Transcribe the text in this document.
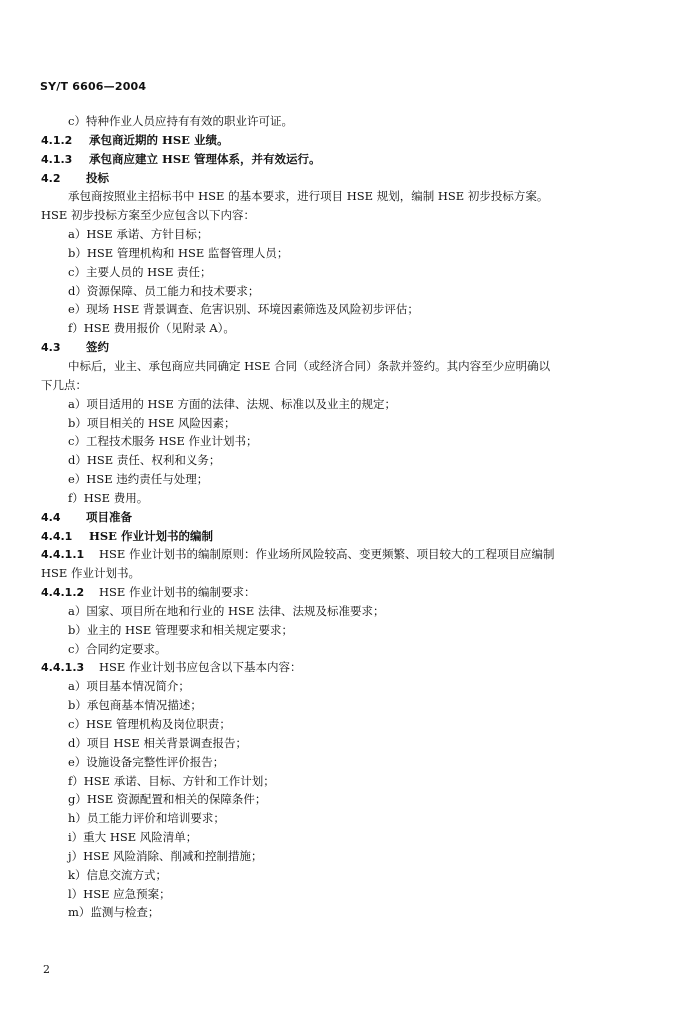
SY/T 6606—2004
c）特种作业人员应持有有效的职业许可证。
4.1.2 承包商近期的 HSE 业绩。
4.1.3 承包商应建立 HSE 管理体系，并有效运行。
4.2 投标
承包商按照业主招标书中 HSE 的基本要求，进行项目 HSE 规划，编制 HSE 初步投标方案。
HSE 初步投标方案至少应包含以下内容：
a）HSE 承诺、方针目标；
b）HSE 管理机构和 HSE 监督管理人员；
c）主要人员的 HSE 责任；
d）资源保障、员工能力和技术要求；
e）现场 HSE 背景调查、危害识别、环境因素筛选及风险初步评估；
f）HSE 费用报价（见附录 A）。
4.3 签约
中标后，业主、承包商应共同确定 HSE 合同（或经济合同）条款并签约。其内容至少应明确以
下几点：
a）项目适用的 HSE 方面的法律、法规、标准以及业主的规定；
b）项目相关的 HSE 风险因素；
c）工程技术服务 HSE 作业计划书；
d）HSE 责任、权利和义务；
e）HSE 违约责任与处理；
f）HSE 费用。
4.4 项目准备
4.4.1 HSE 作业计划书的编制
4.4.1.1 HSE 作业计划书的编制原则：作业场所风险较高、变更频繁、项目较大的工程项目应编制
HSE 作业计划书。
4.4.1.2 HSE 作业计划书的编制要求：
a）国家、项目所在地和行业的 HSE 法律、法规及标准要求；
b）业主的 HSE 管理要求和相关规定要求；
c）合同约定要求。
4.4.1.3 HSE 作业计划书应包含以下基本内容：
a）项目基本情况简介；
b）承包商基本情况描述；
c）HSE 管理机构及岗位职责；
d）项目 HSE 相关背景调查报告；
e）设施设备完整性评价报告；
f）HSE 承诺、目标、方针和工作计划；
g）HSE 资源配置和相关的保障条件；
h）员工能力评价和培训要求；
i）重大 HSE 风险清单；
j）HSE 风险消除、削减和控制措施；
k）信息交流方式；
l）HSE 应急预案；
m）监测与检查；
2
